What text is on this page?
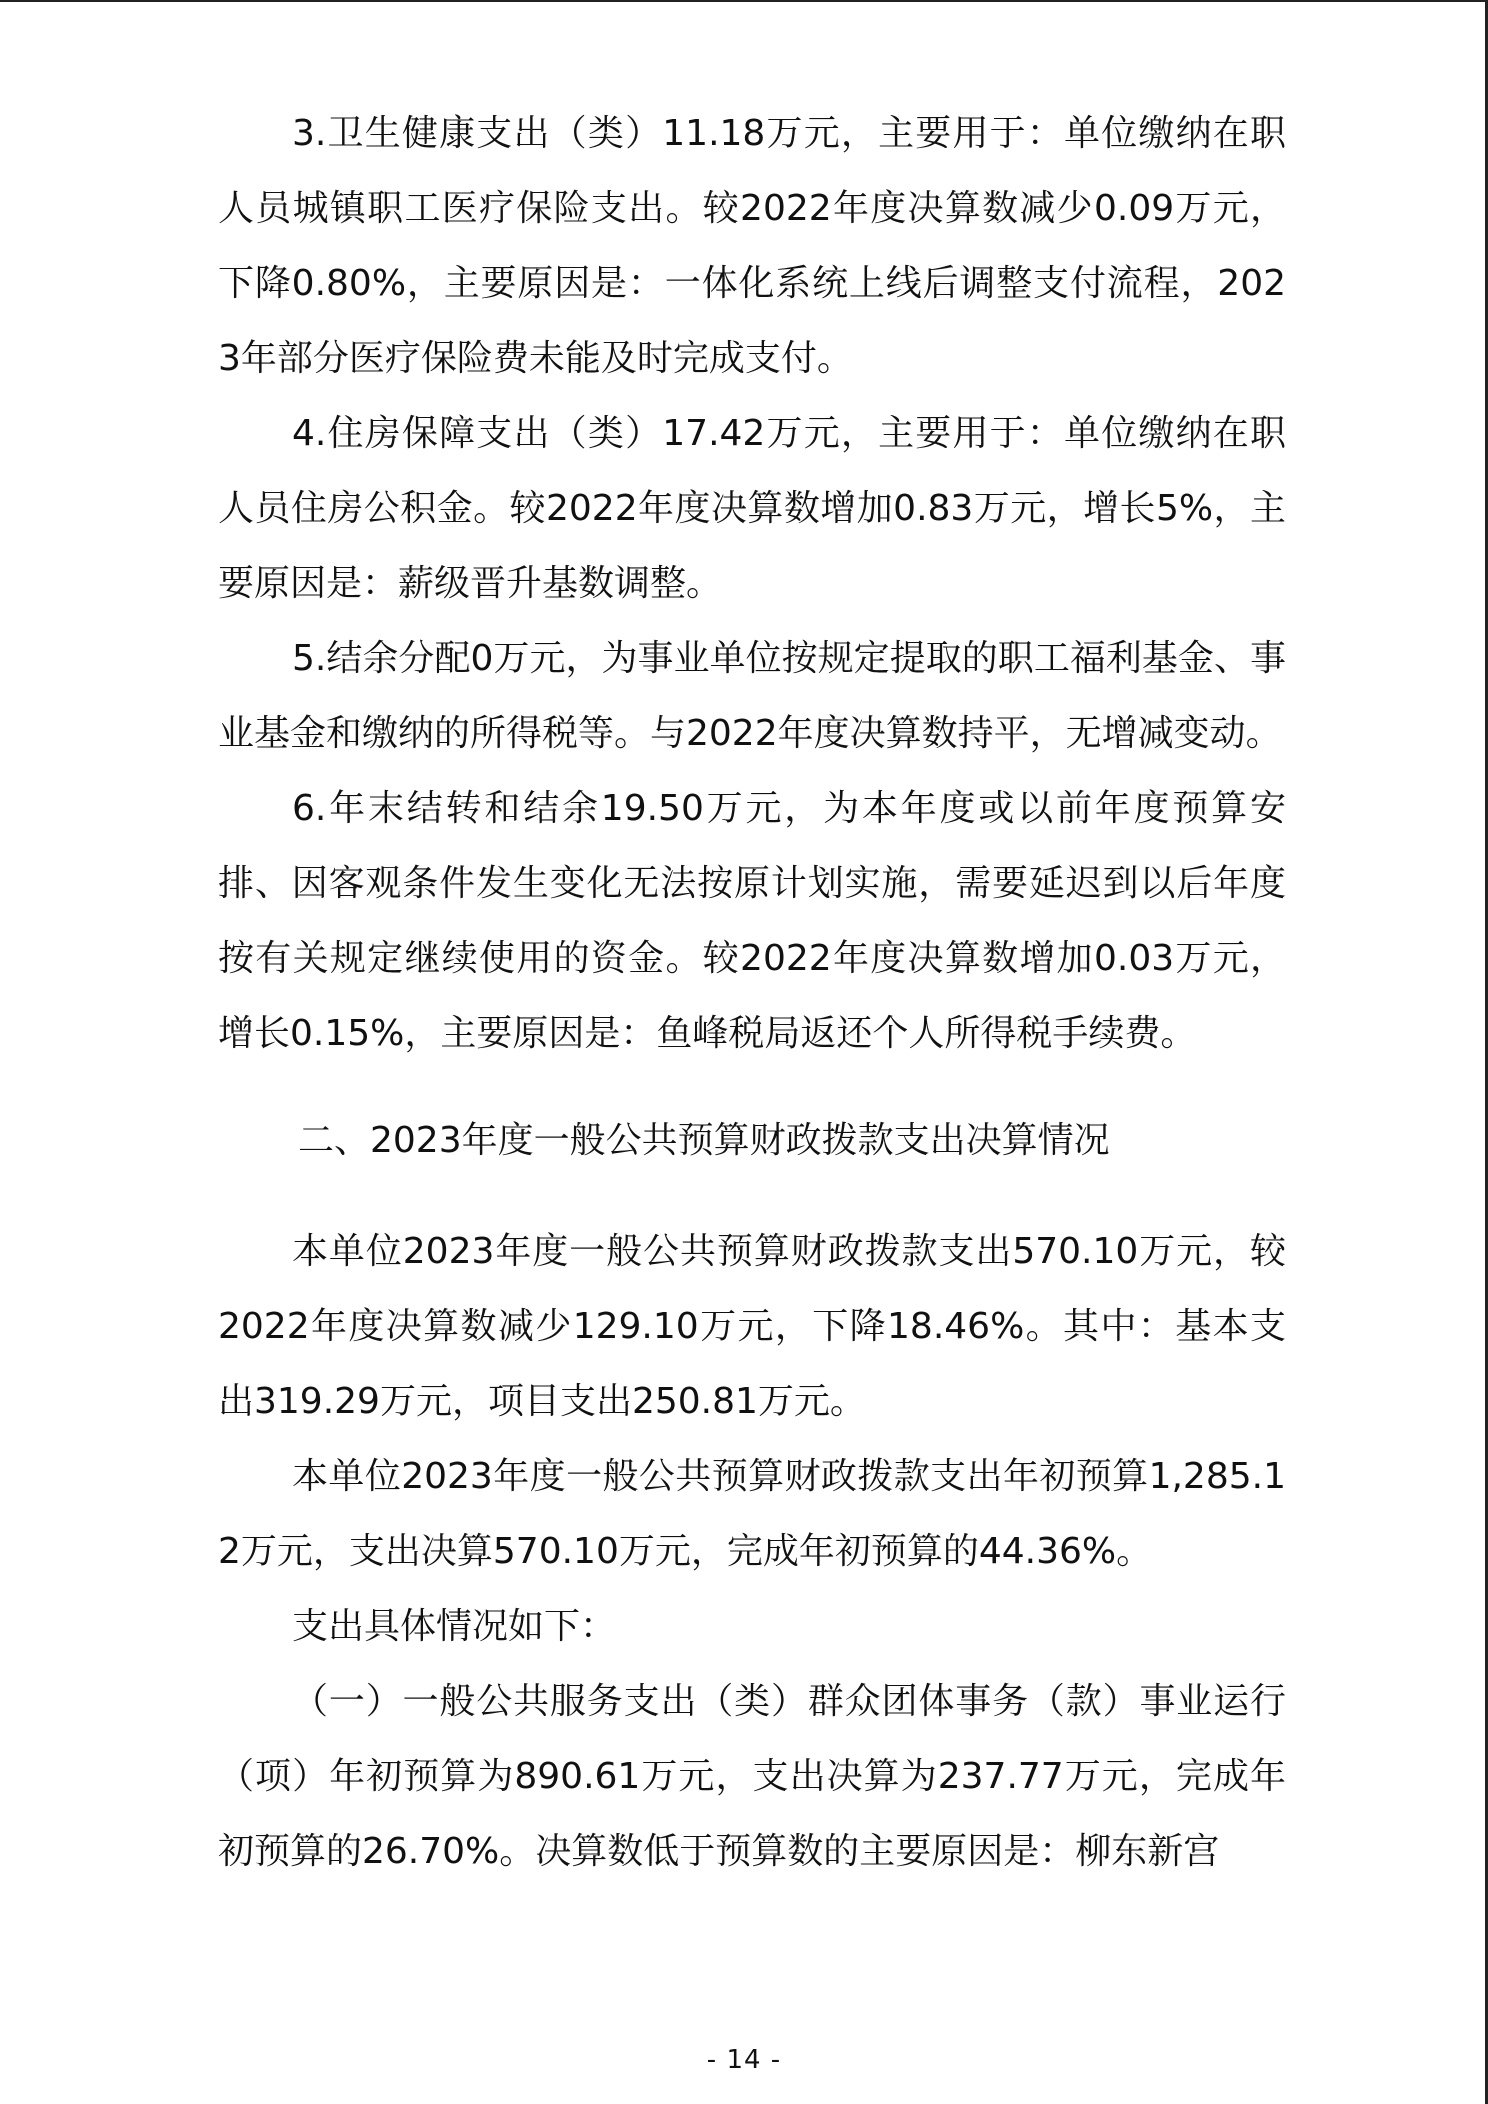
3.卫生健康支出（类）11.18万元，主要用于：单位缴纳在职人员城镇职工医疗保险支出。较2022年度决算数减少0.09万元，下降0.80%，主要原因是：一体化系统上线后调整支付流程，2023年部分医疗保险费未能及时完成支付。

4.住房保障支出（类）17.42万元，主要用于：单位缴纳在职人员住房公积金。较2022年度决算数增加0.83万元，增长5%，主要原因是：薪级晋升基数调整。

5.结余分配0万元，为事业单位按规定提取的职工福利基金、事业基金和缴纳的所得税等。与2022年度决算数持平，无增减变动。

6.年末结转和结余19.50万元，为本年度或以前年度预算安排、因客观条件发生变化无法按原计划实施，需要延迟到以后年度按有关规定继续使用的资金。较2022年度决算数增加0.03万元，增长0.15%，主要原因是：鱼峰税局返还个人所得税手续费。

二、2023年度一般公共预算财政拨款支出决算情况

本单位2023年度一般公共预算财政拨款支出570.10万元，较2022年度决算数减少129.10万元，下降18.46%。其中：基本支出319.29万元，项目支出250.81万元。

本单位2023年度一般公共预算财政拨款支出年初预算1,285.12万元，支出决算570.10万元，完成年初预算的44.36%。

支出具体情况如下：

（一）一般公共服务支出（类）群众团体事务（款）事业运行（项）年初预算为890.61万元，支出决算为237.77万元，完成年初预算的26.70%。决算数低于预算数的主要原因是：柳东新宫

- 14 -
